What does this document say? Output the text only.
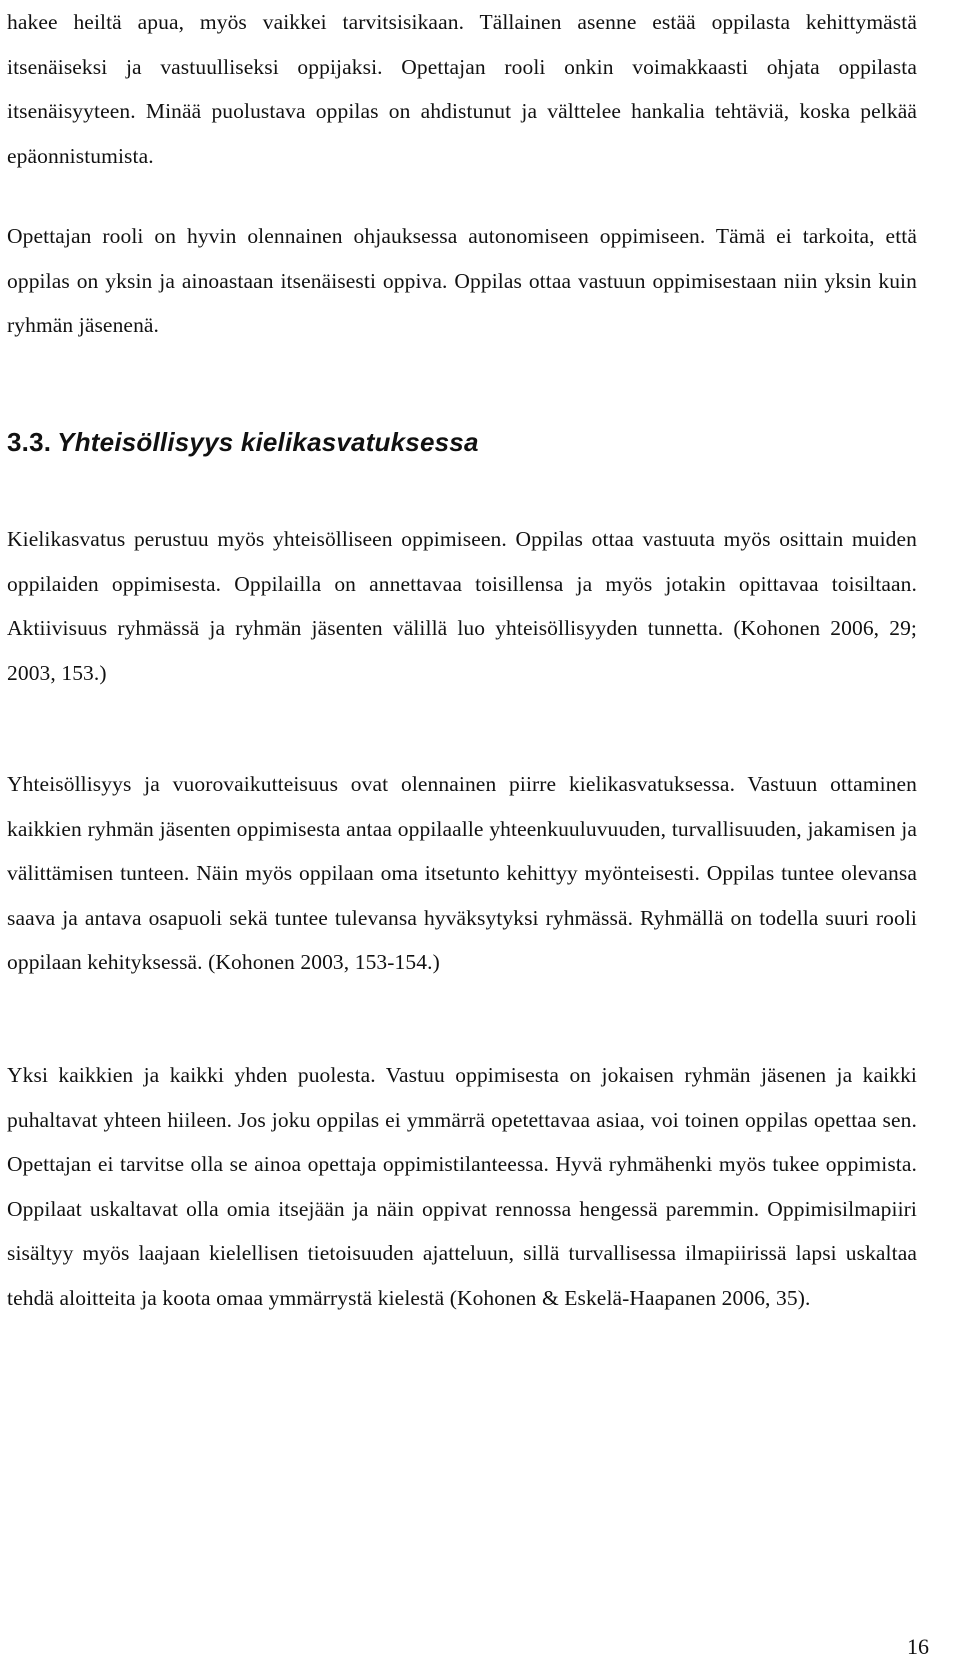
hakee heiltä apua, myös vaikkei tarvitsisikaan. Tällainen asenne estää oppilasta kehittymästä itsenäiseksi ja vastuulliseksi oppijaksi. Opettajan rooli onkin voimakkaasti ohjata oppilasta itsenäisyyteen. Minää puolustava oppilas on ahdistunut ja välttelee hankalia tehtäviä, koska pelkää epäonnistumista.

Opettajan rooli on hyvin olennainen ohjauksessa autonomiseen oppimiseen. Tämä ei tarkoita, että oppilas on yksin ja ainoastaan itsenäisesti oppiva. Oppilas ottaa vastuun oppimisestaan niin yksin kuin ryhmän jäsenenä.

3.3. Yhteisöllisyys kielikasvatuksessa

Kielikasvatus perustuu myös yhteisölliseen oppimiseen. Oppilas ottaa vastuuta myös osittain muiden oppilaiden oppimisesta. Oppilailla on annettavaa toisillensa ja myös jotakin opittavaa toisiltaan. Aktiivisuus ryhmässä ja ryhmän jäsenten välillä luo yhteisöllisyyden tunnetta. (Kohonen 2006, 29; 2003, 153.)

Yhteisöllisyys ja vuorovaikutteisuus ovat olennainen piirre kielikasvatuksessa. Vastuun ottaminen kaikkien ryhmän jäsenten oppimisesta antaa oppilaalle yhteenkuuluvuuden, turvallisuuden, jakamisen ja välittämisen tunteen. Näin myös oppilaan oma itsetunto kehittyy myönteisesti. Oppilas tuntee olevansa saava ja antava osapuoli sekä tuntee tulevansa hyväksytyksi ryhmässä. Ryhmällä on todella suuri rooli oppilaan kehityksessä. (Kohonen 2003, 153-154.)

Yksi kaikkien ja kaikki yhden puolesta. Vastuu oppimisesta on jokaisen ryhmän jäsenen ja kaikki puhaltavat yhteen hiileen. Jos joku oppilas ei ymmärrä opetettavaa asiaa, voi toinen oppilas opettaa sen. Opettajan ei tarvitse olla se ainoa opettaja oppimistilanteessa. Hyvä ryhmähenki myös tukee oppimista. Oppilaat uskaltavat olla omia itsejään ja näin oppivat rennossa hengessä paremmin. Oppimisilmapiiri sisältyy myös laajaan kielellisen tietoisuuden ajatteluun, sillä turvallisessa ilmapiirissä lapsi uskaltaa tehdä aloitteita ja koota omaa ymmärrystä kielestä (Kohonen & Eskelä-Haapanen 2006, 35).

16
